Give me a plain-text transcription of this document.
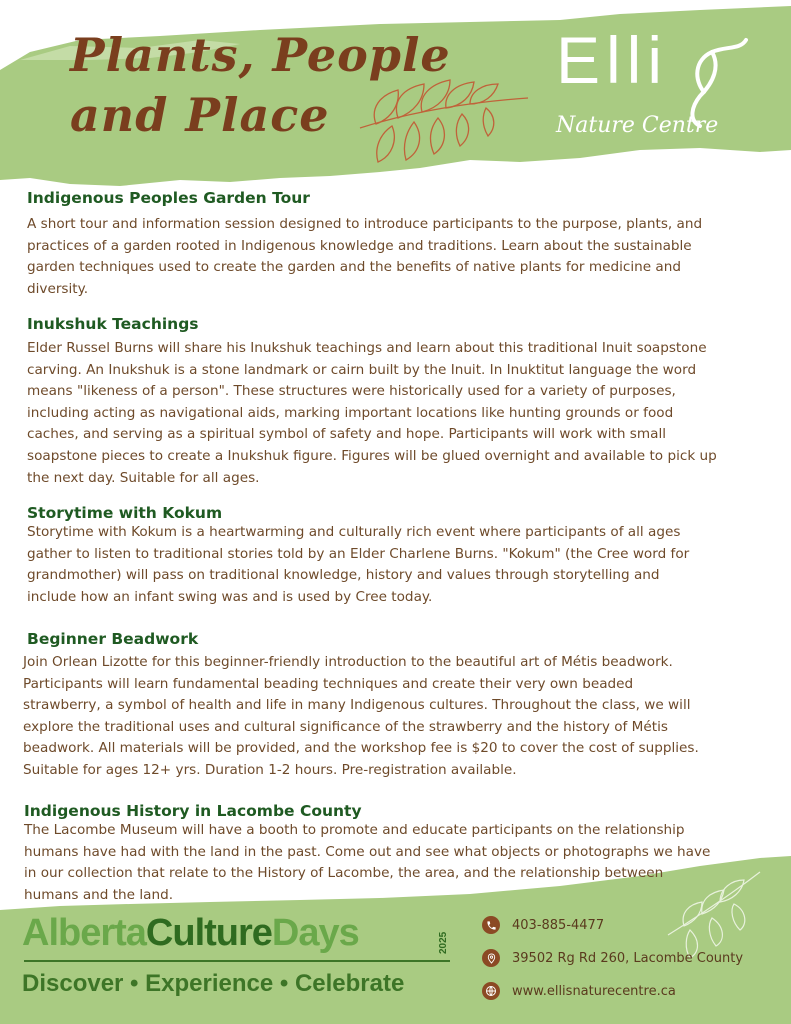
Plants, People
and Place
Elli
Nature Centre
Indigenous Peoples Garden Tour
A short tour and information session designed to introduce participants to the purpose, plants, and
practices of a garden rooted in Indigenous knowledge and traditions. Learn about the sustainable
garden techniques used to create the garden and the benefits of native plants for medicine and
diversity.
Inukshuk Teachings
Elder Russel Burns will share his Inukshuk teachings and learn about this traditional Inuit soapstone
carving. An Inukshuk is a stone landmark or cairn built by the Inuit. In Inuktitut language the word
means "likeness of a person". These structures were historically used for a variety of purposes,
including acting as navigational aids, marking important locations like hunting grounds or food
caches, and serving as a spiritual symbol of safety and hope. Participants will work with small
soapstone pieces to create a Inukshuk figure. Figures will be glued overnight and available to pick up
the next day. Suitable for all ages.
Storytime with Kokum
Storytime with Kokum is a heartwarming and culturally rich event where participants of all ages
gather to listen to traditional stories told by an Elder Charlene Burns. "Kokum" (the Cree word for
grandmother) will pass on traditional knowledge, history and values through storytelling and
include how an infant swing was and is used by Cree today.
Beginner Beadwork
Join Orlean Lizotte for this beginner-friendly introduction to the beautiful art of Métis beadwork.
Participants will learn fundamental beading techniques and create their very own beaded
strawberry, a symbol of health and life in many Indigenous cultures. Throughout the class, we will
explore the traditional uses and cultural significance of the strawberry and the history of Métis
beadwork. All materials will be provided, and the workshop fee is $20 to cover the cost of supplies.
Suitable for ages 12+ yrs. Duration 1-2 hours. Pre-registration available.
Indigenous History in Lacombe County
The Lacombe Museum will have a booth to promote and educate participants on the relationship
humans have had with the land in the past. Come out and see what objects or photographs we have
in our collection that relate to the History of Lacombe, the area, and the relationship between
humans and the land.
AlbertaCultureDays	2025
Discover • Experience • Celebrate
403-885-4477
39502 Rg Rd 260, Lacombe County
www.ellisnaturecentre.ca
